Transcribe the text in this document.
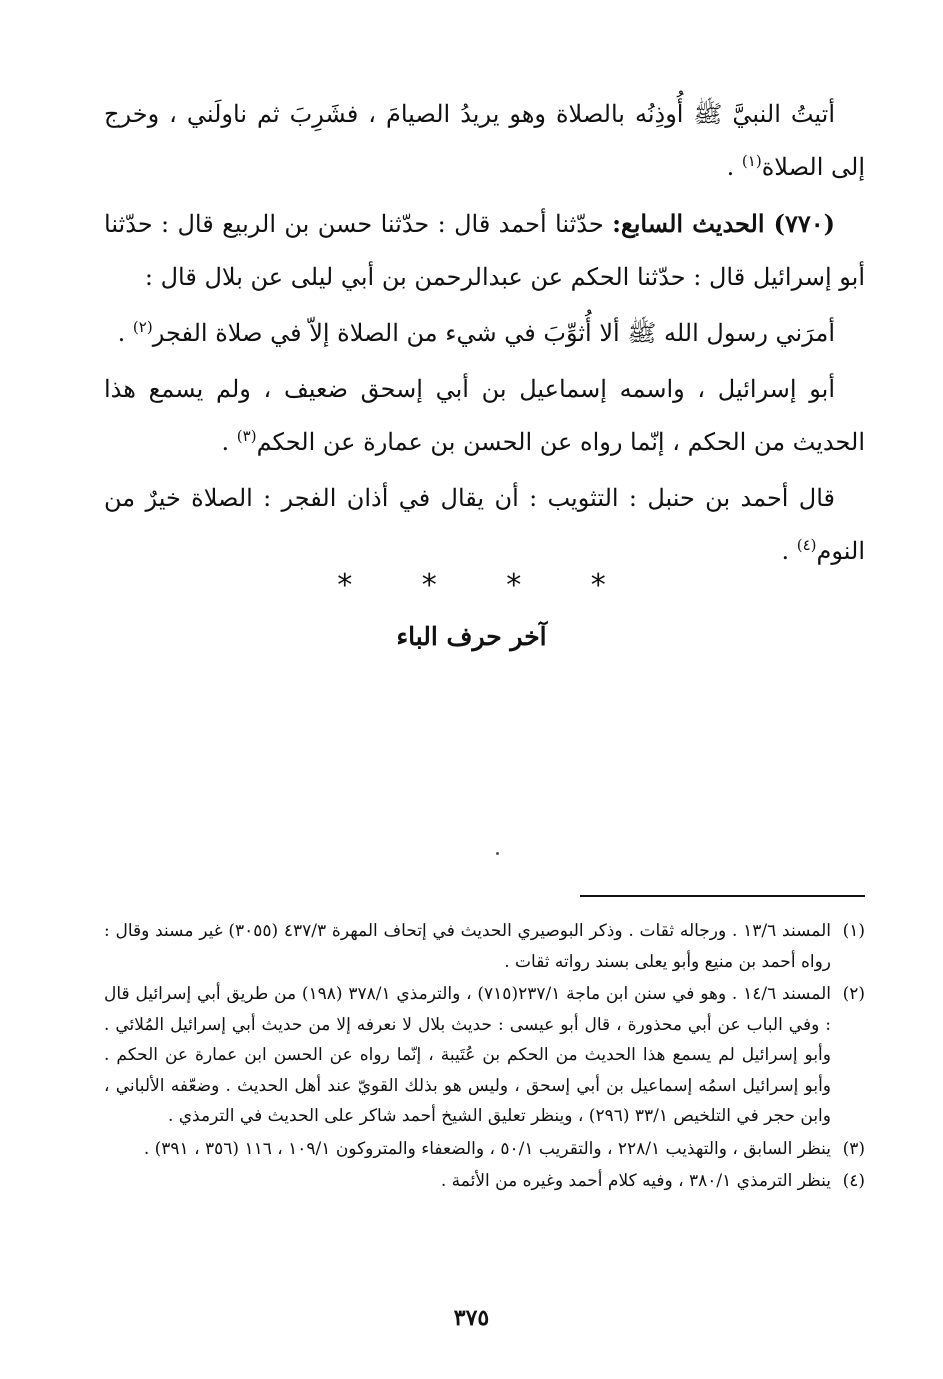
أتيتُ النبيَّ ﷺ أُوذِنُه بالصلاة وهو يريدُ الصيامَ ، فشَرِبَ ثم ناولَني ، وخرج إلى الصلاة$^{(١)}$ .

(٧٧٠) الحديث السابع: حدّثنا أحمد قال : حدّثنا حسن بن الربيع قال : حدّثنا أبو إسرائيل قال : حدّثنا الحكم عن عبدالرحمن بن أبي ليلى عن بلال قال :

أمرَني رسول الله ﷺ ألا أُثوِّبَ في شيء من الصلاة إلاّ في صلاة الفجر$^{(٢)}$ .

أبو إسرائيل ، واسمه إسماعيل بن أبي إسحق ضعيف ، ولم يسمع هذا الحديث من الحكم ، إنّما رواه عن الحسن بن عمارة عن الحكم$^{(٣)}$ .

قال أحمد بن حنبل : التثويب : أن يقال في أذان الفجر : الصلاة خيرٌ من النوم$^{(٤)}$ .

* * * *
آخر حرف الباء
(١)
المسند ١٣/٦ . ورجاله ثقات . وذكر البوصيري الحديث في إتحاف المهرة ٤٣٧/٣ (٣٠٥٥) غير مسند وقال : رواه أحمد بن منيع وأبو يعلى بسند رواته ثقات .
(٢)
المسند ١٤/٦ . وهو في سنن ابن ماجة ٢٣٧/١(٧١٥) ، والترمذي ٣٧٨/١ (١٩٨) من طريق أبي إسرائيل قال : وفي الباب عن أبي محذورة ، قال أبو عيسى : حديث بلال لا نعرفه إلا من حديث أبي إسرائيل المُلائي . وأبو إسرائيل لم يسمع هذا الحديث من الحكم بن عُتَيبة ، إنّما رواه عن الحسن ابن عمارة عن الحكم . وأبو إسرائيل اسمُه إسماعيل بن أبي إسحق ، وليس هو بذلك القويّ عند أهل الحديث . وضعّفه الألباني ، وابن حجر في التلخيص ٣٣/١ (٢٩٦) ، وينظر تعليق الشيخ أحمد شاكر على الحديث في الترمذي .
(٣)
ينظر السابق ، والتهذيب ٢٢٨/١ ، والتقريب ٥٠/١ ، والضعفاء والمتروكون ١٠٩/١ ، ١١٦ (٣٥٦ ، ٣٩١) .
(٤)
ينظر الترمذي ٣٨٠/١ ، وفيه كلام أحمد وغيره من الأئمة .
٣٧٥
